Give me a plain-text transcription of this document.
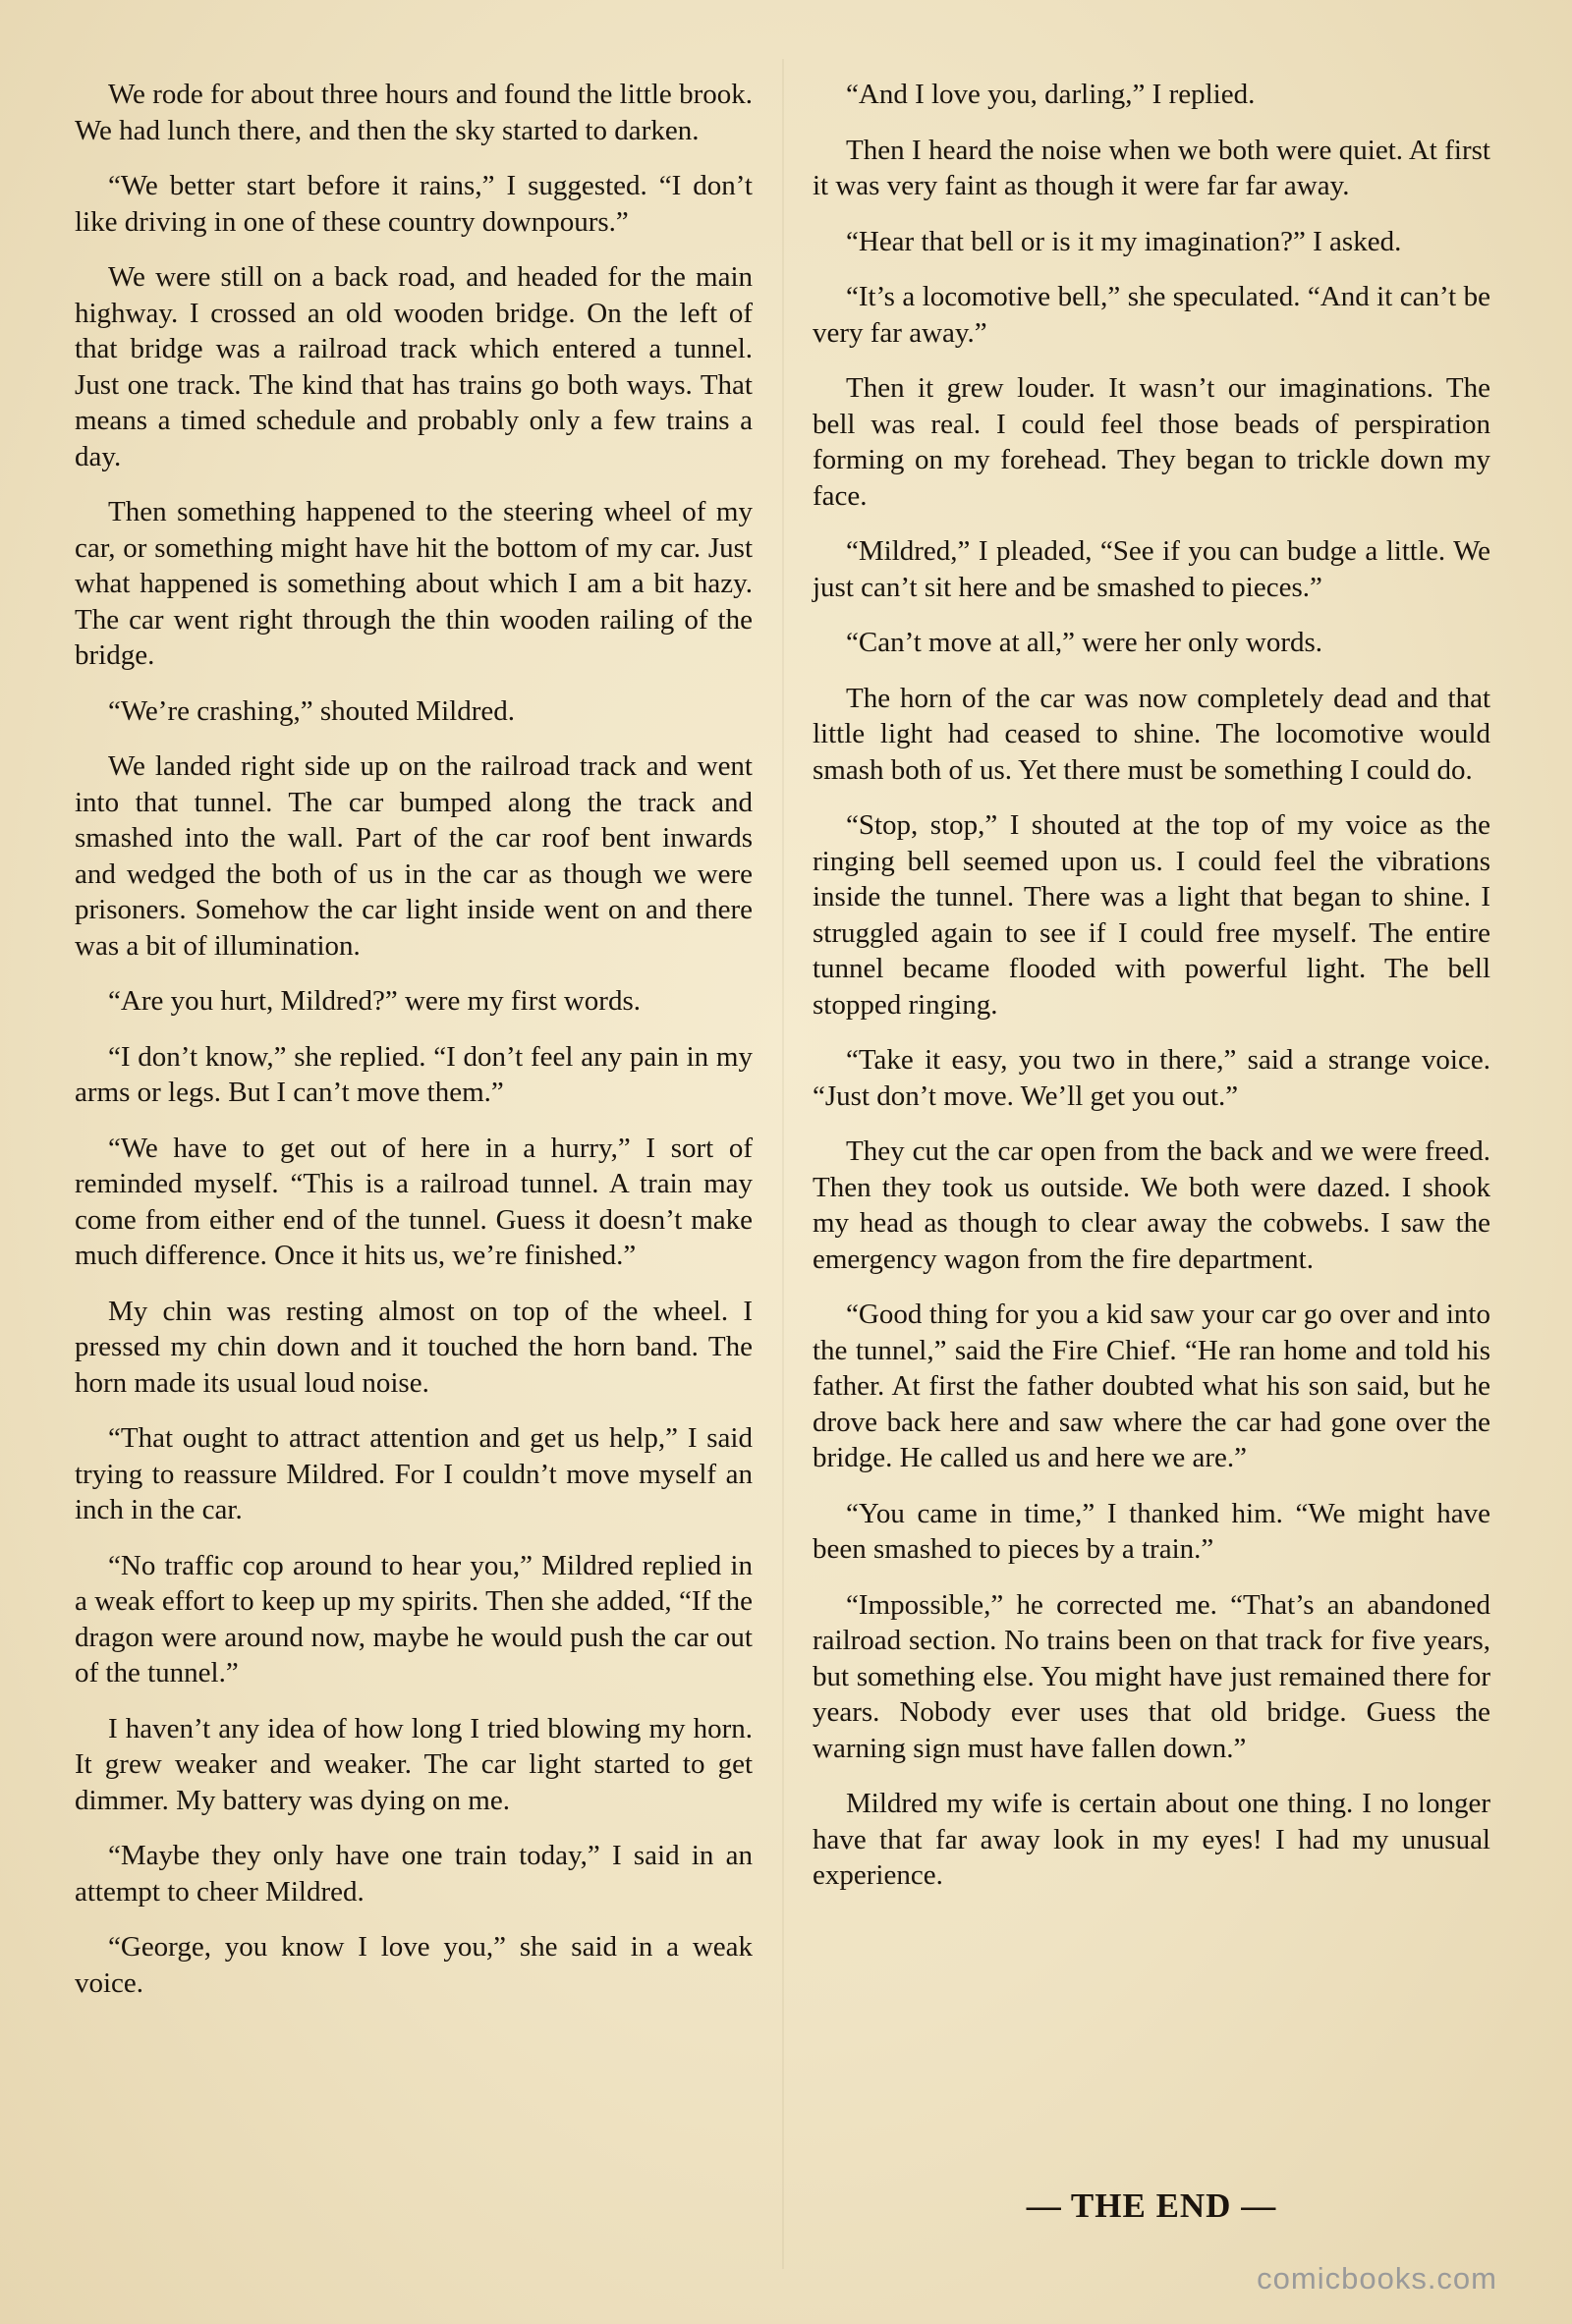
We rode for about three hours and found the little brook. We had lunch there, and then the sky started to darken.

“We better start before it rains,” I suggested. “I don’t like driving in one of these country downpours.”

We were still on a back road, and headed for the main highway. I crossed an old wooden bridge. On the left of that bridge was a railroad track which entered a tunnel. Just one track. The kind that has trains go both ways. That means a timed schedule and probably only a few trains a day.

Then something happened to the steering wheel of my car, or something might have hit the bottom of my car. Just what happened is something about which I am a bit hazy. The car went right through the thin wooden railing of the bridge.

“We’re crashing,” shouted Mildred.

We landed right side up on the railroad track and went into that tunnel. The car bumped along the track and smashed into the wall. Part of the car roof bent inwards and wedged the both of us in the car as though we were prisoners. Somehow the car light inside went on and there was a bit of illumination.

“Are you hurt, Mildred?” were my first words.

“I don’t know,” she replied. “I don’t feel any pain in my arms or legs. But I can’t move them.”

“We have to get out of here in a hurry,” I sort of reminded myself. “This is a railroad tunnel. A train may come from either end of the tunnel. Guess it doesn’t make much difference. Once it hits us, we’re finished.”

My chin was resting almost on top of the wheel. I pressed my chin down and it touched the horn band. The horn made its usual loud noise.

“That ought to attract attention and get us help,” I said trying to reassure Mildred. For I couldn’t move myself an inch in the car.

“No traffic cop around to hear you,” Mildred replied in a weak effort to keep up my spirits. Then she added, “If the dragon were around now, maybe he would push the car out of the tunnel.”

I haven’t any idea of how long I tried blowing my horn. It grew weaker and weaker. The car light started to get dimmer. My battery was dying on me.

“Maybe they only have one train today,” I said in an attempt to cheer Mildred.

“George, you know I love you,” she said in a weak voice.

“And I love you, darling,” I replied.

Then I heard the noise when we both were quiet. At first it was very faint as though it were far far away.

“Hear that bell or is it my imagination?” I asked.

“It’s a locomotive bell,” she speculated. “And it can’t be very far away.”

Then it grew louder. It wasn’t our imaginations. The bell was real. I could feel those beads of perspiration forming on my forehead. They began to trickle down my face.

“Mildred,” I pleaded, “See if you can budge a little. We just can’t sit here and be smashed to pieces.”

“Can’t move at all,” were her only words.

The horn of the car was now completely dead and that little light had ceased to shine. The locomotive would smash both of us. Yet there must be something I could do.

“Stop, stop,” I shouted at the top of my voice as the ringing bell seemed upon us. I could feel the vibrations inside the tunnel. There was a light that began to shine. I struggled again to see if I could free myself. The entire tunnel became flooded with powerful light. The bell stopped ringing.

“Take it easy, you two in there,” said a strange voice. “Just don’t move. We’ll get you out.”

They cut the car open from the back and we were freed. Then they took us outside. We both were dazed. I shook my head as though to clear away the cobwebs. I saw the emergency wagon from the fire department.

“Good thing for you a kid saw your car go over and into the tunnel,” said the Fire Chief. “He ran home and told his father. At first the father doubted what his son said, but he drove back here and saw where the car had gone over the bridge. He called us and here we are.”

“You came in time,” I thanked him. “We might have been smashed to pieces by a train.”

“Impossible,” he corrected me. “That’s an abandoned railroad section. No trains been on that track for five years, but something else. You might have just remained there for years. Nobody ever uses that old bridge. Guess the warning sign must have fallen down.”

Mildred my wife is certain about one thing. I no longer have that far away look in my eyes! I had my unusual experience.

— THE END —
comicbooks.com
